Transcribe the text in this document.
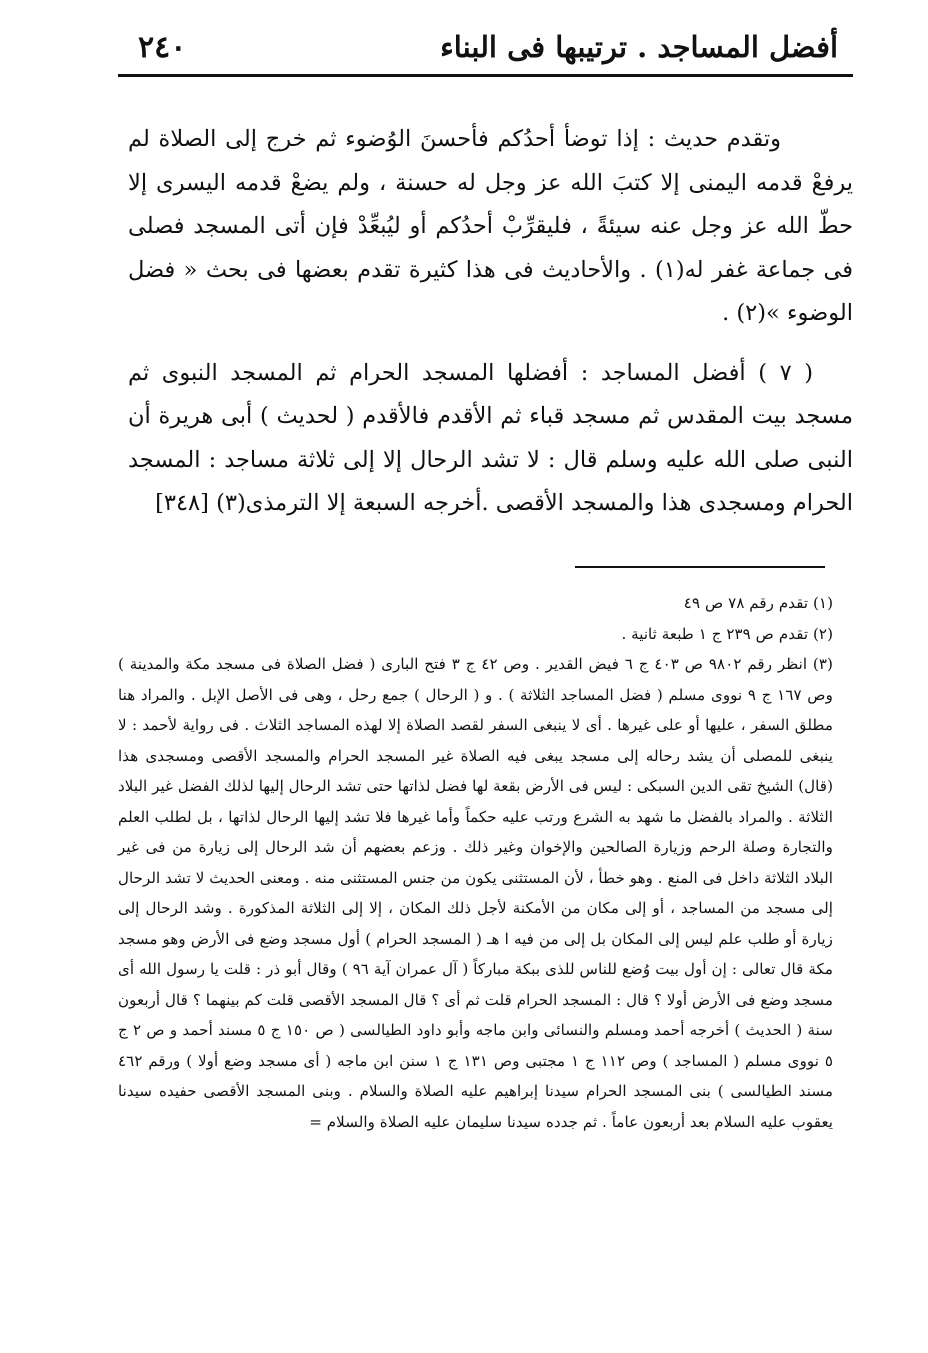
أفضل المساجد . ترتيبها فى البناء
٢٤٠

وتقدم حديث : إذا توضأ أحدُكم فأحسنَ الوُضوء ثم خرج إلى الصلاة لم يرفعْ قدمه اليمنى إلا كتبَ الله عز وجل له حسنة ، ولم يضعْ قدمه اليسرى إلا حطّ الله عز وجل عنه سيئةً ، فليقرِّبْ أحدُكم أو ليُبعِّدْ فإن أتى المسجد فصلى فى جماعة غفر له(١) . والأحاديث فى هذا كثيرة تقدم بعضها فى بحث « فضل الوضوء »(٢) .

( ٧ ) أفضل المساجد : أفضلها المسجد الحرام ثم المسجد النبوى ثم مسجد بيت المقدس ثم مسجد قباء ثم الأقدم فالأقدم ( لحديث ) أبى هريرة أن النبى صلى الله عليه وسلم قال : لا تشد الرحال إلا إلى ثلاثة مساجد : المسجد الحرام ومسجدى هذا والمسجد الأقصى .أخرجه السبعة إلا الترمذى(٣) [٣٤٨]

(١) تقدم رقم ٧٨ ص ٤٩

(٢) تقدم ص ٢٣٩ ج ١ طبعة ثانية .

(٣) انظر رقم ٩٨٠٢ ص ٤٠٣ ج ٦ فيض القدير . وص ٤٢ ج ٣ فتح البارى ( فضل الصلاة فى مسجد مكة والمدينة ) وص ١٦٧ ج ٩ نووى مسلم ( فضل المساجد الثلاثة ) . و ( الرحال ) جمع رحل ، وهى فى الأصل الإبل . والمراد هنا مطلق السفر ، عليها أو على غيرها . أى لا ينبغى السفر لقصد الصلاة إلا لهذه المساجد الثلاث . فى رواية لأحمد : لا ينبغى للمصلى أن يشد رحاله إلى مسجد يبغى فيه الصلاة غير المسجد الحرام والمسجد الأقصى ومسجدى هذا (قال) الشيخ تقى الدين السبكى : ليس فى الأرض بقعة لها فضل لذاتها حتى تشد الرحال إليها لذلك الفضل غير البلاد الثلاثة . والمراد بالفضل ما شهد به الشرع ورتب عليه حكماً وأما غيرها فلا تشد إليها الرحال لذاتها ، بل لطلب العلم والتجارة وصلة الرحم وزيارة الصالحين والإخوان وغير ذلك . وزعم بعضهم أن شد الرحال إلى زيارة من فى غير البلاد الثلاثة داخل فى المنع . وهو خطأ ، لأن المستثنى يكون من جنس المستثنى منه . ومعنى الحديث لا تشد الرحال إلى مسجد من المساجد ، أو إلى مكان من الأمكنة لأجل ذلك المكان ، إلا إلى الثلاثة المذكورة . وشد الرحال إلى زيارة أو طلب علم ليس إلى المكان بل إلى من فيه ا هـ ( المسجد الحرام ) أول مسجد وضع فى الأرض وهو مسجد مكة قال تعالى : إن أول بيت وُضع للناس للذى ببكة مباركاً ( آل عمران آية ٩٦ ) وقال أبو ذر : قلت يا رسول الله أى مسجد وضع فى الأرض أولا ؟ قال : المسجد الحرام قلت ثم أى ؟ قال المسجد الأقصى قلت كم بينهما ؟ قال أربعون سنة ( الحديث ) أخرجه أحمد ومسلم والنسائى وابن ماجه وأبو داود الطيالسى ( ص ١٥٠ ج ٥ مسند أحمد و ص ٢ ج ٥ نووى مسلم ( المساجد ) وص ١١٢ ج ١ مجتبى وص ١٣١ ج ١ سنن ابن ماجه ( أى مسجد وضع أولا ) ورقم ٤٦٢ مسند الطيالسى ) بنى المسجد الحرام سيدنا إبراهيم عليه الصلاة والسلام . وبنى المسجد الأقصى حفيده سيدنا يعقوب عليه السلام بعد أربعون عاماً . ثم جدده سيدنا سليمان عليه الصلاة والسلام =
